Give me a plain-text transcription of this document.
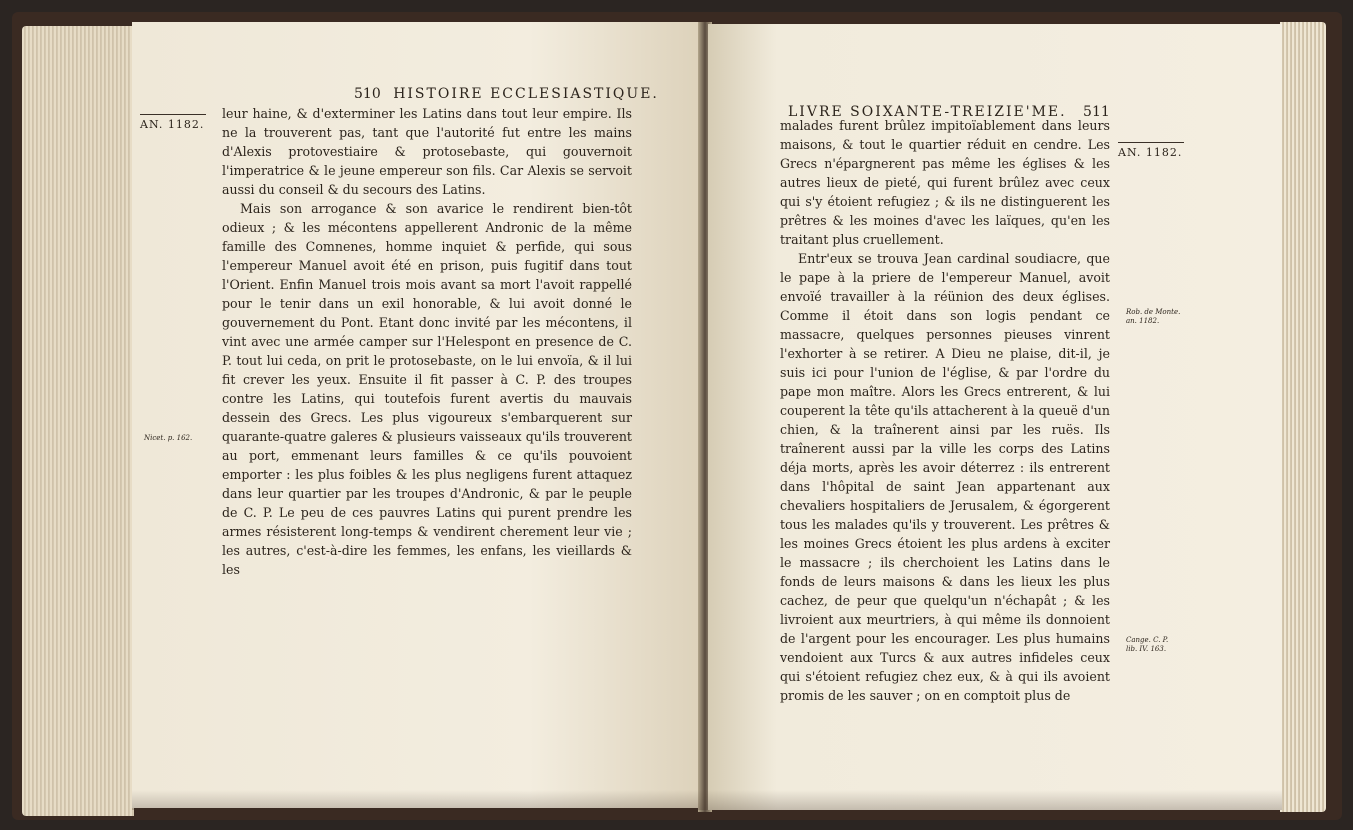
510 HISTOIRE ECCLESIASTIQUE.
AN. 1182.

leur haine, & d'exterminer les Latins dans tout leur empire. Ils ne la trouverent pas, tant que l'autorité fut entre les mains d'Alexis protovestiaire & protosebaste, qui gouvernoit l'imperatrice & le jeune empereur son fils. Car Alexis se servoit aussi du conseil & du secours des Latins.

Mais son arrogance & son avarice le rendirent bien-tôt odieux ; & les mécontens appellerent Andronic de la même famille des Comnenes, homme inquiet & perfide, qui sous l'empereur Manuel avoit été en prison, puis fugitif dans tout l'Orient. Enfin Manuel trois mois avant sa mort l'avoit rappellé pour le tenir dans un exil honorable, & lui avoit donné le gouvernement du Pont. Etant donc invité par les mécontens, il vint avec une armée camper sur l'Helespont en presence de C. P. tout lui ceda, on prit le protosebaste, on le lui envoïa, & il lui fit crever les yeux. Ensuite il fit passer à C. P. des troupes contre les Latins, qui toutefois furent avertis du mauvais dessein des Grecs. Les plus vigoureux s'embarquerent sur quarante-quatre galeres & plusieurs vaisseaux qu'ils trouverent au port, emmenant leurs familles & ce qu'ils pouvoient emporter : les plus foibles & les plus negligens furent attaquez dans leur quartier par les troupes d'Andronic, & par le peuple de C. P. Le peu de ces pauvres Latins qui purent prendre les armes résisterent long-temps & vendirent cherement leur vie ; les autres, c'est-à-dire les femmes, les enfans, les vieillards & les

Nicet. p. 162.
LIVRE SOIXANTE-TREIZIE'ME. 511

malades furent brûlez impitoïablement dans leurs maisons, & tout le quartier réduit en cendre. Les Grecs n'épargnerent pas même les églises & les autres lieux de pieté, qui furent brûlez avec ceux qui s'y étoient refugiez ; & ils ne distinguerent les prêtres & les moines d'avec les laïques, qu'en les traitant plus cruellement.

Entr'eux se trouva Jean cardinal soudiacre, que le pape à la priere de l'empereur Manuel, avoit envoïé travailler à la réünion des deux églises. Comme il étoit dans son logis pendant ce massacre, quelques personnes pieuses vinrent l'exhorter à se retirer. A Dieu ne plaise, dit-il, je suis ici pour l'union de l'église, & par l'ordre du pape mon maître. Alors les Grecs entrerent, & lui couperent la tête qu'ils attacherent à la queuë d'un chien, & la traînerent ainsi par les ruës. Ils traînerent aussi par la ville les corps des Latins déja morts, après les avoir déterrez : ils entrerent dans l'hôpital de saint Jean appartenant aux chevaliers hospitaliers de Jerusalem, & égorgerent tous les malades qu'ils y trouverent. Les prêtres & les moines Grecs étoient les plus ardens à exciter le massacre ; ils cherchoient les Latins dans le fonds de leurs maisons & dans les lieux les plus cachez, de peur que quelqu'un n'échapât ; & les livroient aux meurtriers, à qui même ils donnoient de l'argent pour les encourager. Les plus humains vendoient aux Turcs & aux autres infideles ceux qui s'étoient refugiez chez eux, & à qui ils avoient promis de les sauver ; on en comptoit plus de

AN. 1182.
Rob. de Monte.
an. 1182.
Cange. C. P.
lib. IV. 163.
